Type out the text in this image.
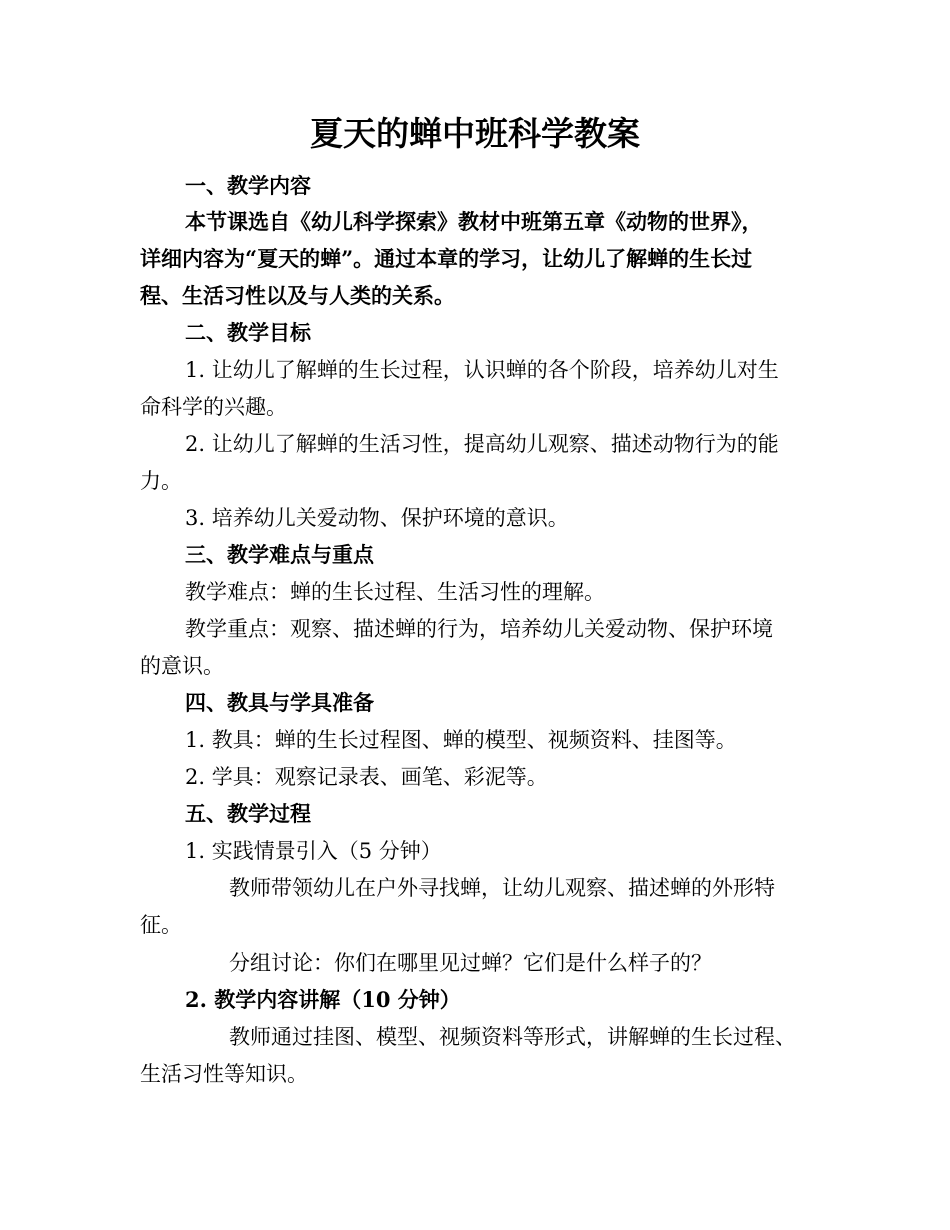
夏天的蝉中班科学教案
一、教学内容
本节课选自《幼儿科学探索》教材中班第五章《动物的世界》，
详细内容为“夏天的蝉”。通过本章的学习，让幼儿了解蝉的生长过
程、生活习性以及与人类的关系。
二、教学目标
1. 让幼儿了解蝉的生长过程，认识蝉的各个阶段，培养幼儿对生
命科学的兴趣。
2. 让幼儿了解蝉的生活习性，提高幼儿观察、描述动物行为的能
力。
3. 培养幼儿关爱动物、保护环境的意识。
三、教学难点与重点
教学难点：蝉的生长过程、生活习性的理解。
教学重点：观察、描述蝉的行为，培养幼儿关爱动物、保护环境
的意识。
四、教具与学具准备
1. 教具：蝉的生长过程图、蝉的模型、视频资料、挂图等。
2. 学具：观察记录表、画笔、彩泥等。
五、教学过程
1. 实践情景引入（5 分钟）
教师带领幼儿在户外寻找蝉，让幼儿观察、描述蝉的外形特
征。
分组讨论：你们在哪里见过蝉？它们是什么样子的？
2. 教学内容讲解（10 分钟）
教师通过挂图、模型、视频资料等形式，讲解蝉的生长过程、
生活习性等知识。
